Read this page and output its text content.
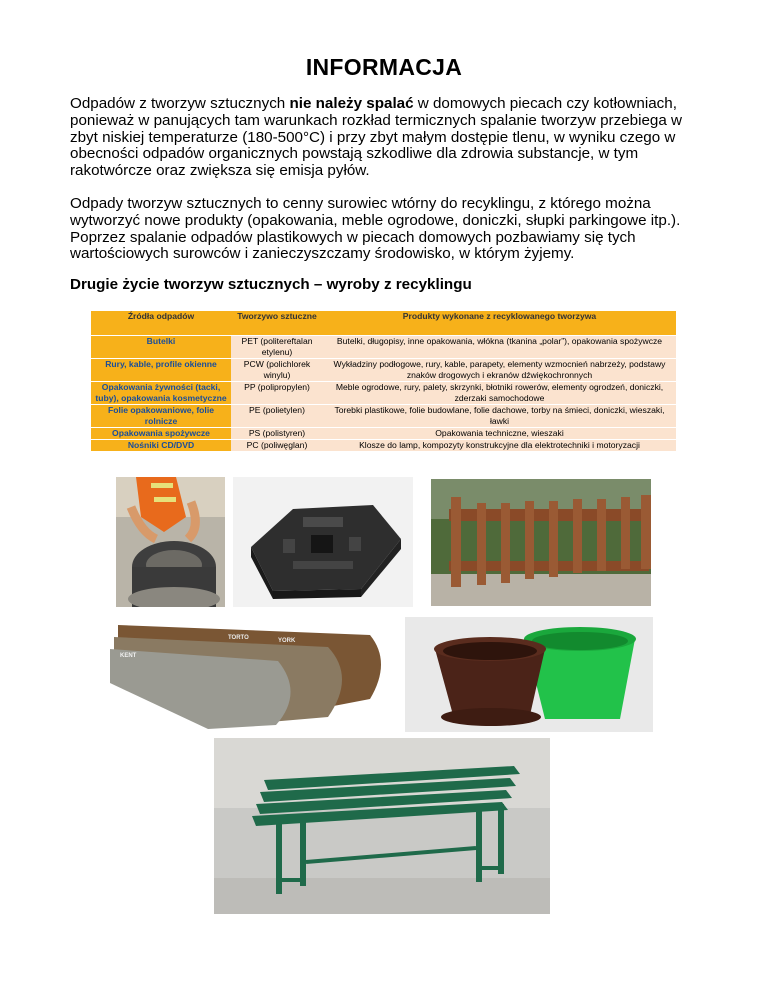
INFORMACJA
Odpadów z tworzyw sztucznych nie należy spalać w domowych piecach czy kotłowniach, ponieważ w panujących tam warunkach rozkład termicznych spalanie tworzyw przebiega w zbyt niskiej temperaturze (180-500°C) i przy zbyt małym dostępie tlenu, w wyniku czego w obecności odpadów organicznych powstają szkodliwe dla zdrowia substancje, w tym rakotwórcze oraz zwiększa się emisja pyłów.
Odpady tworzyw sztucznych to cenny surowiec wtórny do recyklingu, z którego można wytworzyć nowe produkty (opakowania, meble ogrodowe, doniczki, słupki parkingowe itp.). Poprzez spalanie odpadów plastikowych w piecach domowych pozbawiamy się tych wartościowych surowców i zanieczyszczamy środowisko, w którym żyjemy.
Drugie życie tworzyw sztucznych – wyroby z recyklingu
Źródła odpadów	Tworzywo sztuczne	Produkty wykonane z recyklowanego tworzywa
Butelki	PET (politereftalan etylenu)	Butelki, długopisy, inne opakowania, włókna (tkanina „polar”), opakowania spożywcze
Rury, kable, profile okienne	PCW (polichlorek winylu)	Wykładziny podłogowe, rury, kable, parapety, elementy wzmocnień nabrzeży, podstawy znaków drogowych i ekranów dźwiękochronnych
Opakowania żywności (tacki, tuby), opakowania kosmetyczne	PP (polipropylen)	Meble ogrodowe, rury, palety, skrzynki, błotniki rowerów, elementy ogrodzeń, doniczki, zderzaki samochodowe
Folie opakowaniowe, folie rolnicze	PE (polietylen)	Torebki plastikowe, folie budowlane, folie dachowe, torby na śmieci, doniczki, wieszaki, ławki
Opakowania spożywcze	PS (polistyren)	Opakowania techniczne, wieszaki
Nośniki CD/DVD	PC (poliwęglan)	Klosze do lamp, kompozyty konstrukcyjne dla elektrotechniki i motoryzacji
YORK
TORTO
KENT
